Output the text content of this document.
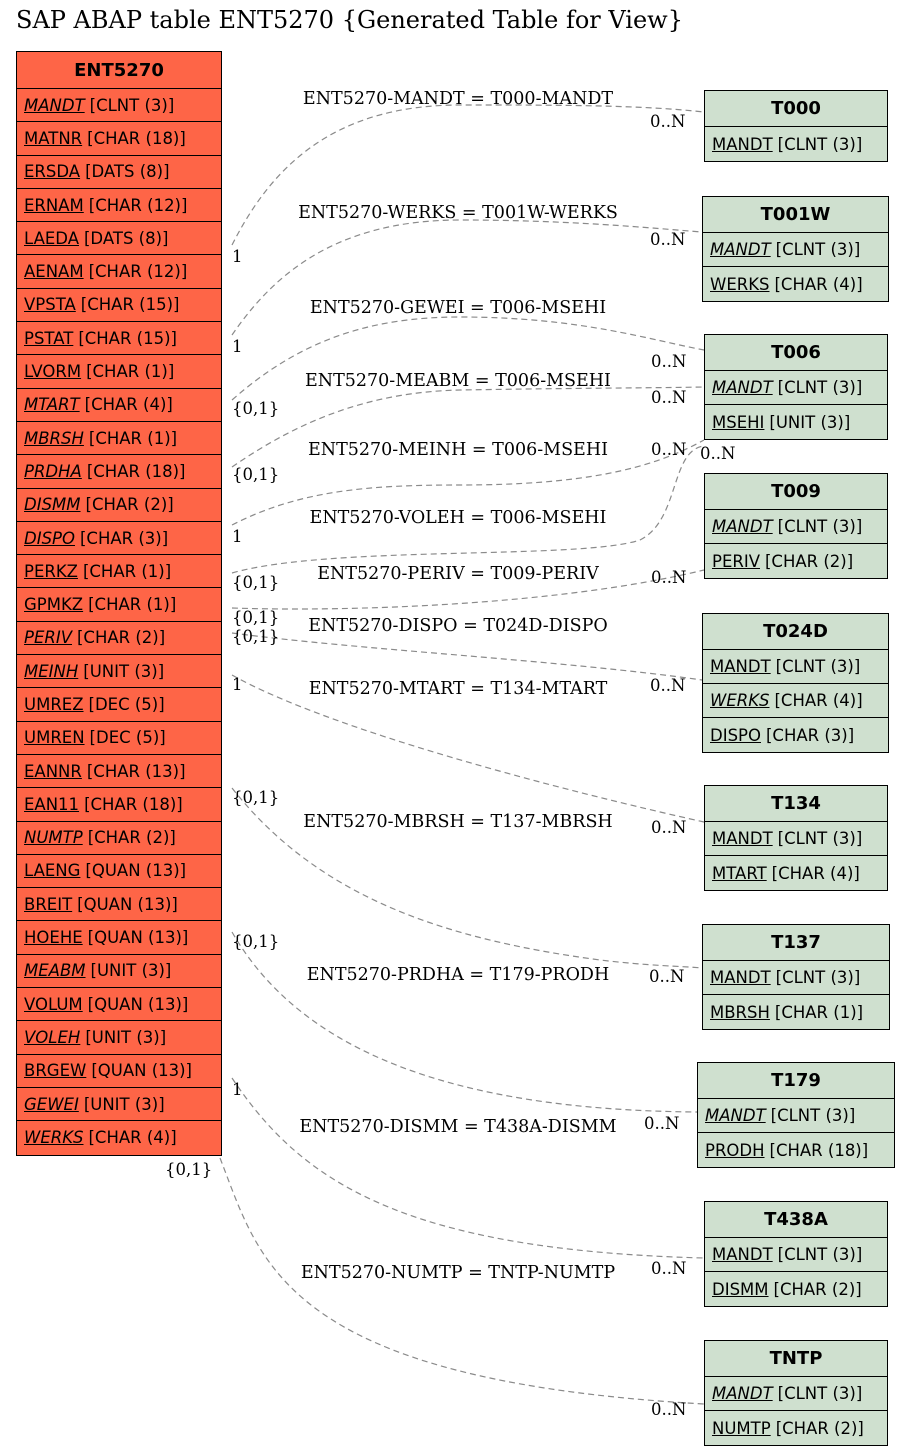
SAP ABAP table ENT5270 {Generated Table for View}
ENT5270-MANDT = T000-MANDT
1
0..N
ENT5270-WERKS = T001W-WERKS
1
0..N
ENT5270-GEWEI = T006-MSEHI
{0,1}
0..N
ENT5270-MEABM = T006-MSEHI
{0,1}
0..N
ENT5270-MEINH = T006-MSEHI
1
0..N
ENT5270-VOLEH = T006-MSEHI
{0,1}
0..N
ENT5270-PERIV = T009-PERIV
{0,1}
0..N
ENT5270-DISPO = T024D-DISPO
{0,1}
0..N
ENT5270-MTART = T134-MTART
1
0..N
ENT5270-MBRSH = T137-MBRSH
{0,1}
0..N
ENT5270-PRDHA = T179-PRODH
{0,1}
0..N
ENT5270-DISMM = T438A-DISMM
1
0..N
ENT5270-NUMTP = TNTP-NUMTP
{0,1}
0..N
ENT5270
MANDT [CLNT (3)]
MATNR [CHAR (18)]
ERSDA [DATS (8)]
ERNAM [CHAR (12)]
LAEDA [DATS (8)]
AENAM [CHAR (12)]
VPSTA [CHAR (15)]
PSTAT [CHAR (15)]
LVORM [CHAR (1)]
MTART [CHAR (4)]
MBRSH [CHAR (1)]
PRDHA [CHAR (18)]
DISMM [CHAR (2)]
DISPO [CHAR (3)]
PERKZ [CHAR (1)]
GPMKZ [CHAR (1)]
PERIV [CHAR (2)]
MEINH [UNIT (3)]
UMREZ [DEC (5)]
UMREN [DEC (5)]
EANNR [CHAR (13)]
EAN11 [CHAR (18)]
NUMTP [CHAR (2)]
LAENG [QUAN (13)]
BREIT [QUAN (13)]
HOEHE [QUAN (13)]
MEABM [UNIT (3)]
VOLUM [QUAN (13)]
VOLEH [UNIT (3)]
BRGEW [QUAN (13)]
GEWEI [UNIT (3)]
WERKS [CHAR (4)]
T000
MANDT [CLNT (3)]
T001W
MANDT [CLNT (3)]
WERKS [CHAR (4)]
T006
MANDT [CLNT (3)]
MSEHI [UNIT (3)]
T009
MANDT [CLNT (3)]
PERIV [CHAR (2)]
T024D
MANDT [CLNT (3)]
WERKS [CHAR (4)]
DISPO [CHAR (3)]
T134
MANDT [CLNT (3)]
MTART [CHAR (4)]
T137
MANDT [CLNT (3)]
MBRSH [CHAR (1)]
T179
MANDT [CLNT (3)]
PRODH [CHAR (18)]
T438A
MANDT [CLNT (3)]
DISMM [CHAR (2)]
TNTP
MANDT [CLNT (3)]
NUMTP [CHAR (2)]
